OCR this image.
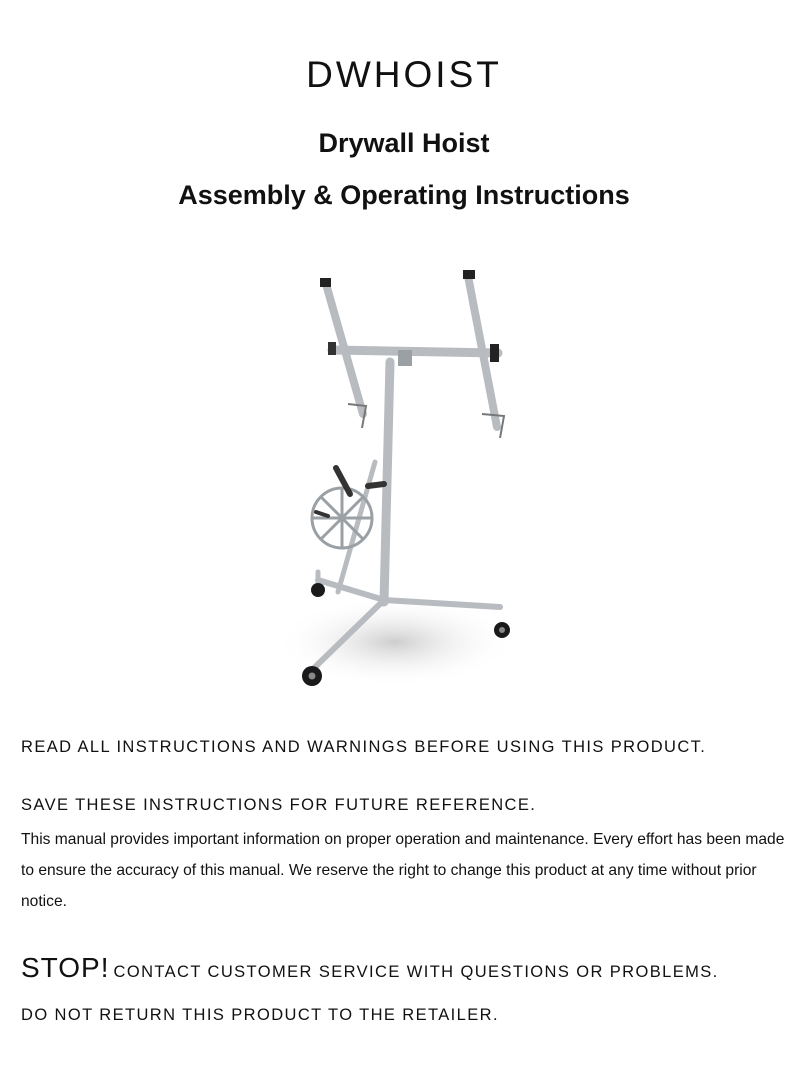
DWHOIST
Drywall Hoist
Assembly & Operating Instructions
READ ALL INSTRUCTIONS AND WARNINGS BEFORE USING THIS PRODUCT.
SAVE THESE INSTRUCTIONS FOR FUTURE REFERENCE.
This manual provides important information on proper operation and maintenance. Every effort has been made to ensure the accuracy of this manual. We reserve the right to change this product at any time without prior notice.
STOP! CONTACT CUSTOMER SERVICE WITH QUESTIONS OR PROBLEMS.
DO NOT RETURN THIS PRODUCT TO THE RETAILER.
